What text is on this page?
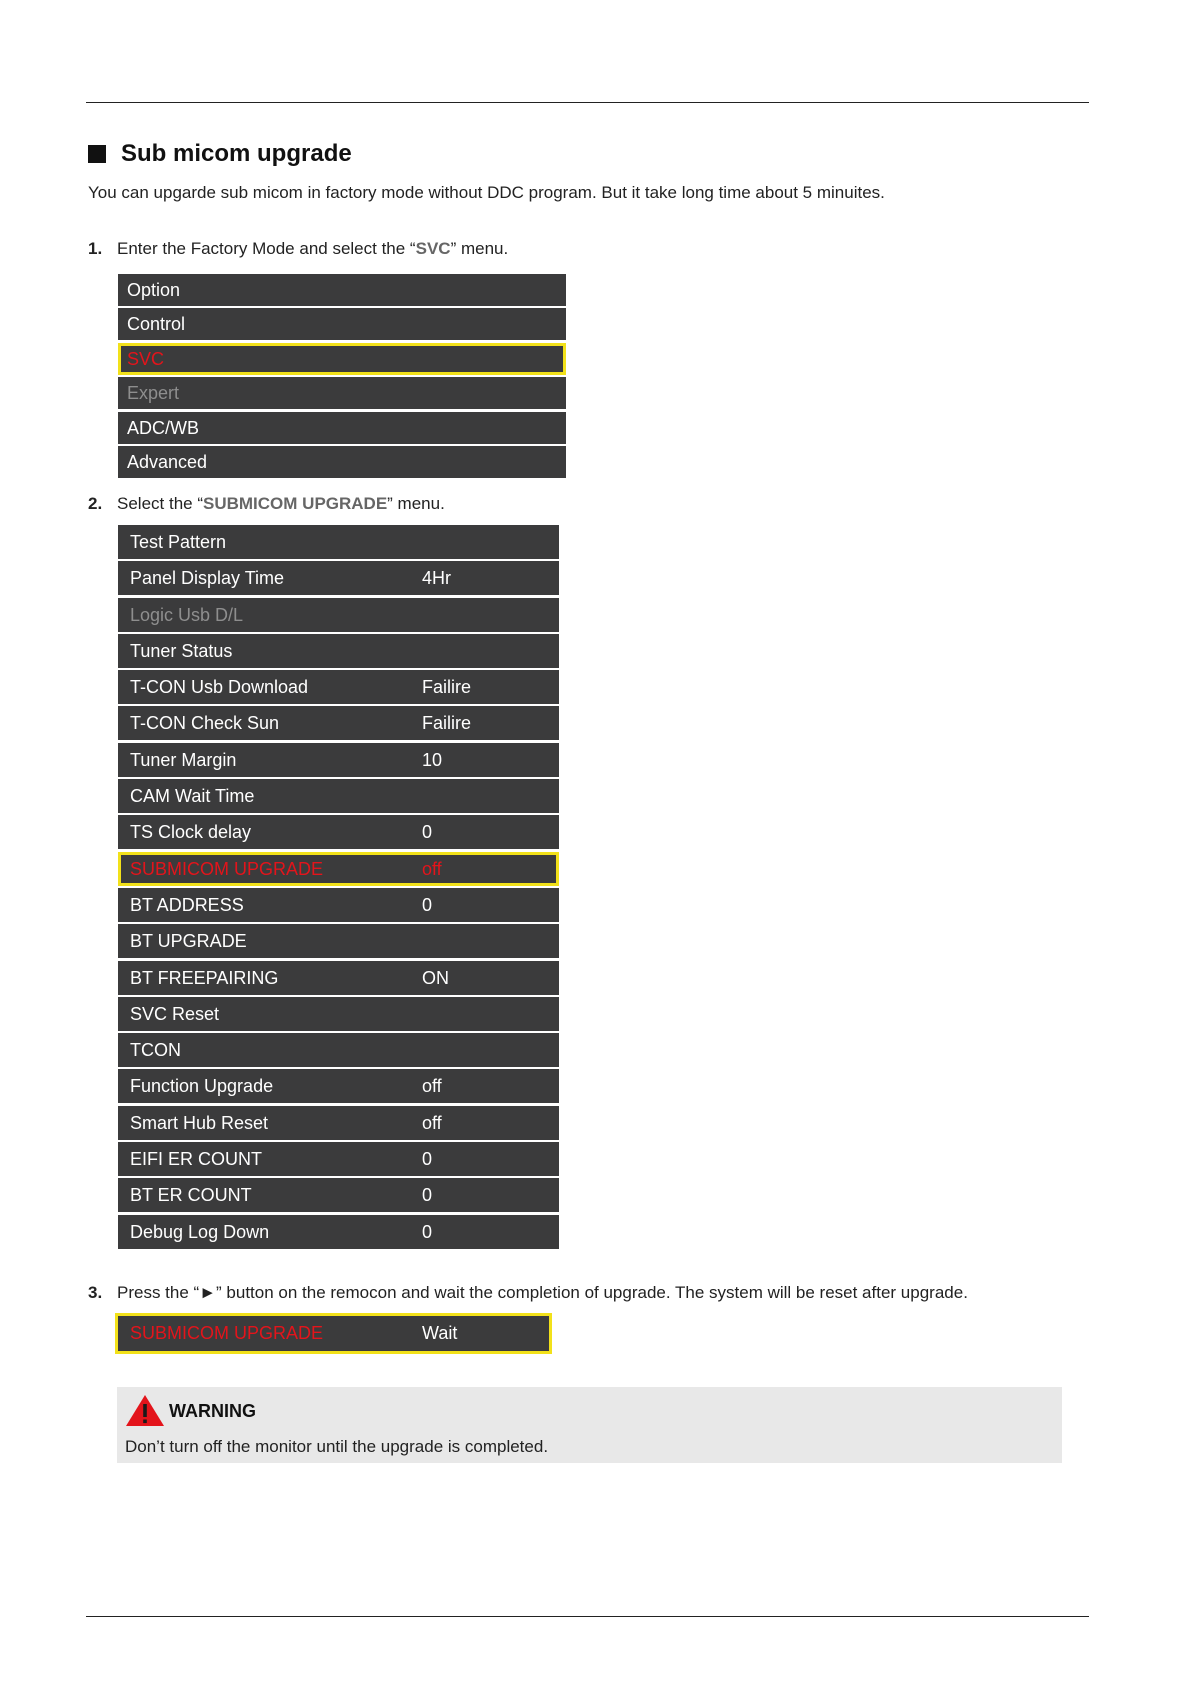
Sub micom upgrade
You can upgarde sub micom in factory mode without DDC program. But it take long time about 5 minuites.
1. Enter the Factory Mode and select the “SVC” menu.
Option
Control
SVC
Expert
ADC/WB
Advanced
2. Select the “SUBMICOM UPGRADE” menu.
Test Pattern
Panel Display Time	4Hr
Logic Usb D/L
Tuner Status
T-CON Usb Download	Failire
T-CON Check Sun	Failire
Tuner Margin	10
CAM Wait Time
TS Clock delay	0
SUBMICOM UPGRADE	off
BT ADDRESS	0
BT UPGRADE
BT FREEPAIRING	ON
SVC Reset
TCON
Function Upgrade	off
Smart Hub Reset	off
EIFI ER COUNT	0
BT ER COUNT	0
Debug Log Down	0
3. Press the “►” button on the remocon and wait the completion of upgrade. The system will be reset after upgrade.
SUBMICOM UPGRADE	Wait
WARNING
Don’t turn off the monitor until the upgrade is completed.
